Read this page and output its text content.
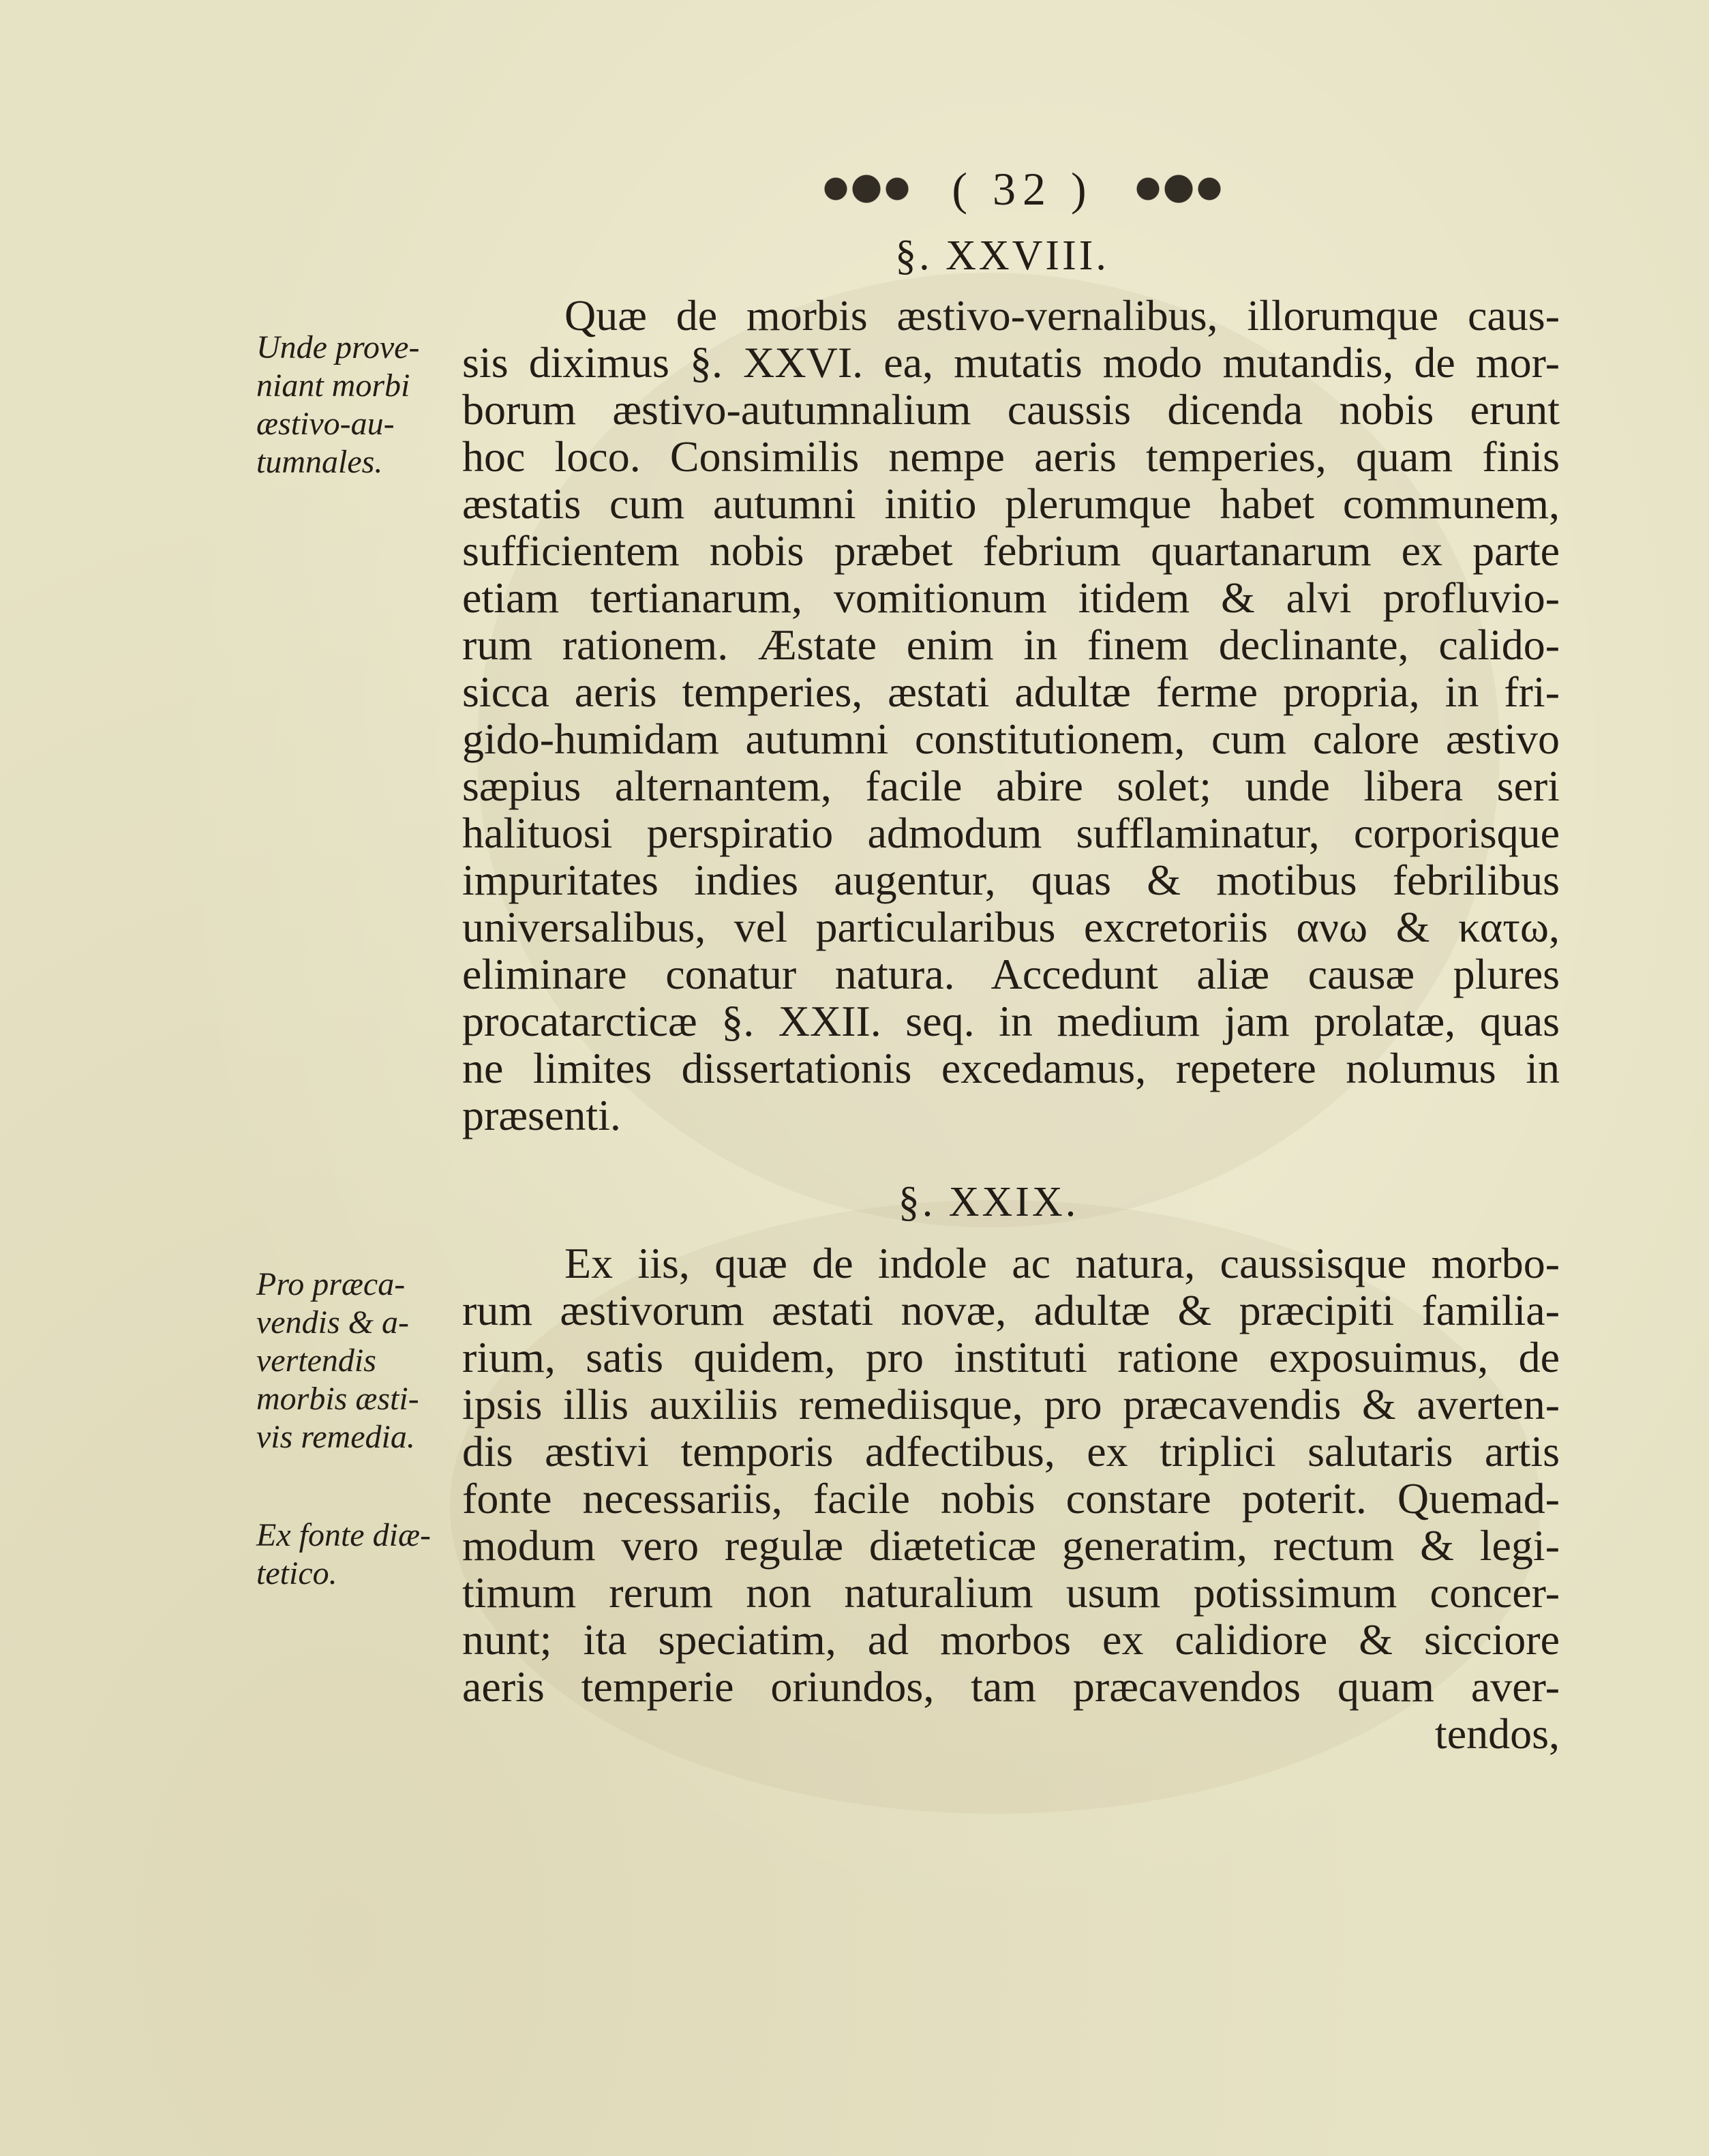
( 32 )
§. XXVIII.
Unde prove-
niant morbi
æstivo-au-
tumnales.
Quæ de morbis æstivo-vernalibus, illorumque caus-
sis diximus §. XXVI. ea, mutatis modo mutandis, de mor-
borum æstivo-autumnalium caussis dicenda nobis erunt
hoc loco. Consimilis nempe aeris temperies, quam finis
æstatis cum autumni initio plerumque habet communem,
sufficientem nobis præbet febrium quartanarum ex parte
etiam tertianarum, vomitionum itidem & alvi profluvio-
rum rationem. Æstate enim in finem declinante, calido-
sicca aeris temperies, æstati adultæ ferme propria, in fri-
gido-humidam autumni constitutionem, cum calore æstivo
sæpius alternantem, facile abire solet; unde libera seri
halituosi perspiratio admodum sufflaminatur, corporisque
impuritates indies augentur, quas & motibus febrilibus
universalibus, vel particularibus excretoriis ανω & κατω,
eliminare conatur natura. Accedunt aliæ causæ plures
procatarcticæ §. XXII. seq. in medium jam prolatæ, quas
ne limites dissertationis excedamus, repetere nolumus in
præsenti.
§. XXIX.
Pro præca-
vendis & a-
vertendis
morbis æsti-
vis remedia.
Ex fonte diæ-
tetico.
Ex iis, quæ de indole ac natura, caussisque morbo-
rum æstivorum æstati novæ, adultæ & præcipiti familia-
rium, satis quidem, pro instituti ratione exposuimus, de
ipsis illis auxiliis remediisque, pro præcavendis & averten-
dis æstivi temporis adfectibus, ex triplici salutaris artis
fonte necessariis, facile nobis constare poterit. Quemad-
modum vero regulæ diæteticæ generatim, rectum & legi-
timum rerum non naturalium usum potissimum concer-
nunt; ita speciatim, ad morbos ex calidiore & sicciore
aeris temperie oriundos, tam præcavendos quam aver-
tendos,
